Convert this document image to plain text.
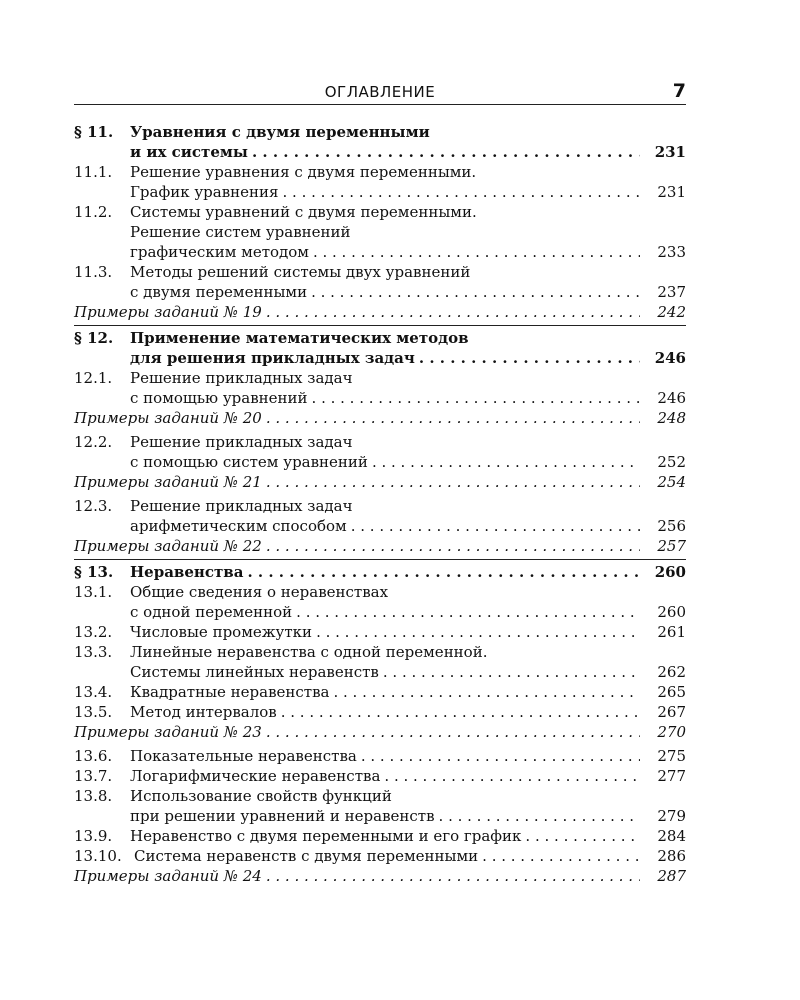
ОГЛАВЛЕНИЕ	7
§ 11.	Уравнения с двумя переменными
и их системы . . .	231
11.1.	Решение уравнения с двумя переменными.
График уравнения . . .	231
11.2.	Системы уравнений с двумя переменными.
Решение систем уравнений
графическим методом . . .	233
11.3.	Методы решений системы двух уравнений
с двумя переменными . . .	237
Примеры заданий № 19 . . .	242
§ 12.	Применение математических методов
для решения прикладных задач . . .	246
12.1.	Решение прикладных задач
с помощью уравнений . . .	246
Примеры заданий № 20 . . .	248
12.2.	Решение прикладных задач
с помощью систем уравнений . . .	252
Примеры заданий № 21 . . .	254
12.3.	Решение прикладных задач
арифметическим способом . . .	256
Примеры заданий № 22 . . .	257
§ 13.	Неравенства . . .	260
13.1.	Общие сведения о неравенствах
с одной переменной . . .	260
13.2.	Числовые промежутки . . .	261
13.3.	Линейные неравенства с одной переменной.
Системы линейных неравенств . . .	262
13.4.	Квадратные неравенства . . .	265
13.5.	Метод интервалов . . .	267
Примеры заданий № 23 . . .	270
13.6.	Показательные неравенства . . .	275
13.7.	Логарифмические неравенства . . .	277
13.8.	Использование свойств функций
при решении уравнений и неравенств . . .	279
13.9.	Неравенство с двумя переменными и его график . . .	284
13.10. Система неравенств с двумя переменными . . .	286
Примеры заданий № 24 . . .	287
